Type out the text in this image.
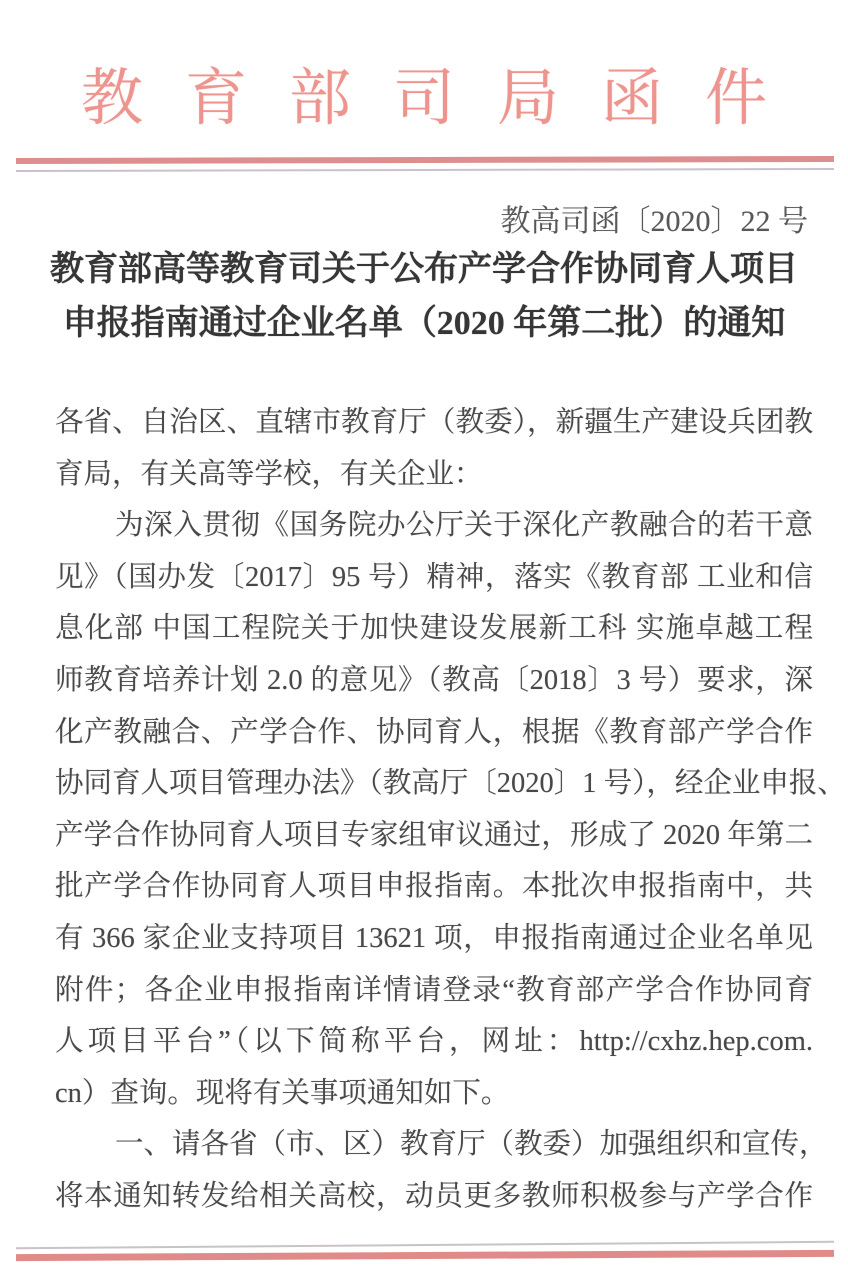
教育部司局函件
教高司函〔2020〕22 号
教育部高等教育司关于公布产学合作协同育人项目
申报指南通过企业名单（2020 年第二批）的通知
各省、自治区、直辖市教育厅（教委），新疆生产建设兵团教
育局，有关高等学校，有关企业：
为深入贯彻《国务院办公厅关于深化产教融合的若干意
见》（国办发〔2017〕95 号）精神，落实《教育部 工业和信
息化部 中国工程院关于加快建设发展新工科 实施卓越工程
师教育培养计划 2.0 的意见》（教高〔2018〕3 号）要求，深
化产教融合、产学合作、协同育人，根据《教育部产学合作
协同育人项目管理办法》（教高厅〔2020〕1 号），经企业申报、
产学合作协同育人项目专家组审议通过，形成了 2020 年第二
批产学合作协同育人项目申报指南。本批次申报指南中，共
有 366 家企业支持项目 13621 项，申报指南通过企业名单见
附件；各企业申报指南详情请登录“教育部产学合作协同育
人项目平台”（以下简称平台，网址：http://cxhz.hep.com.
cn）查询。现将有关事项通知如下。
一、请各省（市、区）教育厅（教委）加强组织和宣传，
将本通知转发给相关高校，动员更多教师积极参与产学合作
